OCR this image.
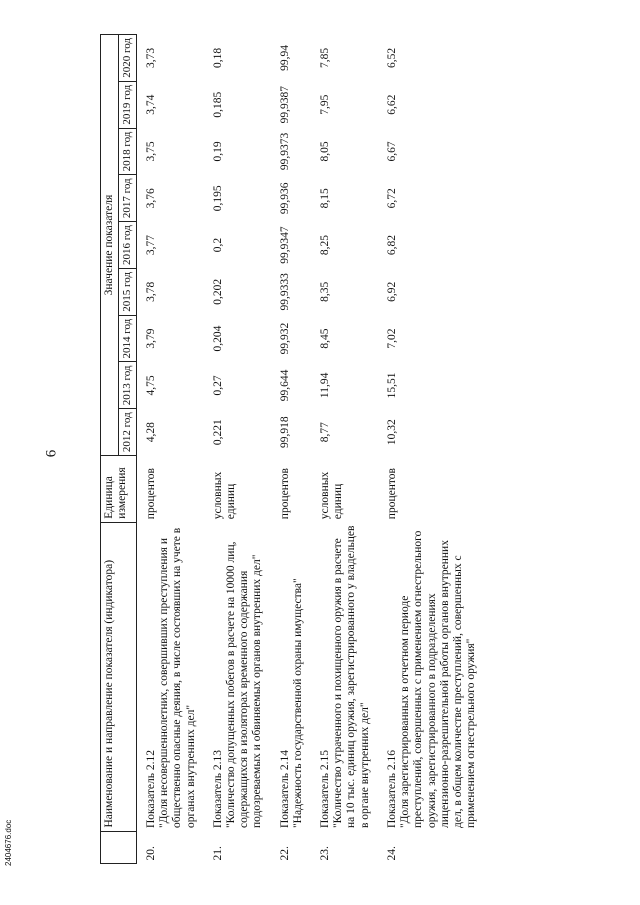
6
	Наименование и направление показателя (индикатора)	Единица измерения	Значение показателя								
			2012 год	2013 год	2014 год	2015 год	2016 год	2017 год	2018 год	2019 год	2020 год
20.	Показатель 2.12 "Доля несовершеннолетних, совершивших преступления и общественно опасные деяния, в числе состоявших на учете в органах внутренних дел"	процентов	4,28	4,75	3,79	3,78	3,77	3,76	3,75	3,74	3,73
21.	Показатель 2.13 "Количество допущенных побегов в расчете на 10000 лиц, содержащихся в изоляторах временного содержания подозреваемых и обвиняемых органов внутренних дел"	условных единиц	0,221	0,27	0,204	0,202	0,2	0,195	0,19	0,185	0,18
22.	Показатель 2.14 "Надежность государственной охраны имущества"	процентов	99,918	99,644	99,932	99,9333	99,9347	99,936	99,9373	99,9387	99,94
23.	Показатель 2.15 "Количество утраченного и похищенного оружия в расчете на 10 тыс. единиц оружия, зарегистрированного у владельцев в органе внутренних дел"	условных единиц	8,77	11,94	8,45	8,35	8,25	8,15	8,05	7,95	7,85
24.	Показатель 2.16 "Доля зарегистрированных в отчетном периоде преступлений, совершенных с применением огнестрельного оружия, зарегистрированного в подразделениях лицензионно-разрешительной работы органов внутренних дел, в общем количестве преступлений, совершенных с применением огнестрельного оружия"	процентов	10,32	15,51	7,02	6,92	6,82	6,72	6,67	6,62	6,52
2404676.doc
